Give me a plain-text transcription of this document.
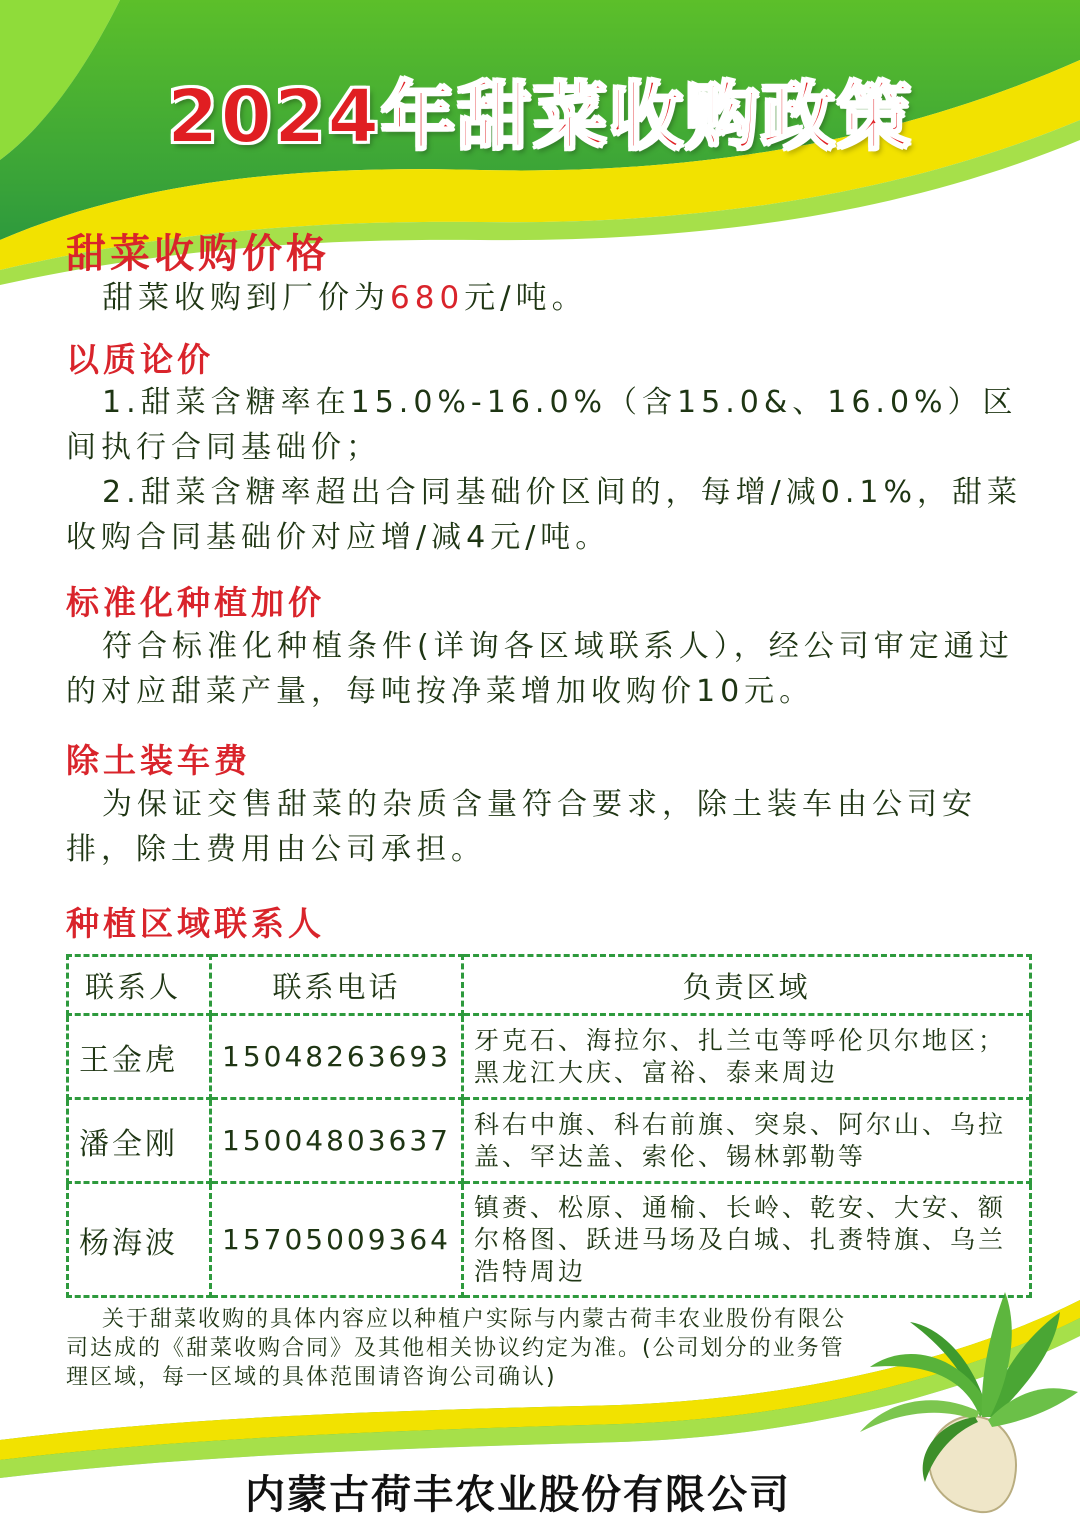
2024年甜菜收购政策
甜菜收购价格
甜菜收购到厂价为680元/吨。
以质论价
1.甜菜含糖率在15.0%-16.0%（含15.0&、16.0%）区间执行合同基础价；
2.甜菜含糖率超出合同基础价区间的，每增/减0.1%，甜菜收购合同基础价对应增/减4元/吨。
标准化种植加价
符合标准化种植条件(详询各区域联系人），经公司审定通过的对应甜菜产量，每吨按净菜增加收购价10元。
除土装车费
为保证交售甜菜的杂质含量符合要求，除土装车由公司安排，除土费用由公司承担。
种植区域联系人
联系人	联系电话	负责区域
王金虎	15048263693	牙克石、海拉尔、扎兰屯等呼伦贝尔地区；黑龙江大庆、富裕、泰来周边
潘全刚	15004803637	科右中旗、科右前旗、突泉、阿尔山、乌拉盖、罕达盖、索伦、锡林郭勒等
杨海波	15705009364	镇赉、松原、通榆、长岭、乾安、大安、额尔格图、跃进马场及白城、扎赉特旗、乌兰浩特周边
关于甜菜收购的具体内容应以种植户实际与内蒙古荷丰农业股份有限公司达成的《甜菜收购合同》及其他相关协议约定为准。(公司划分的业务管理区域，每一区域的具体范围请咨询公司确认)
内蒙古荷丰农业股份有限公司
